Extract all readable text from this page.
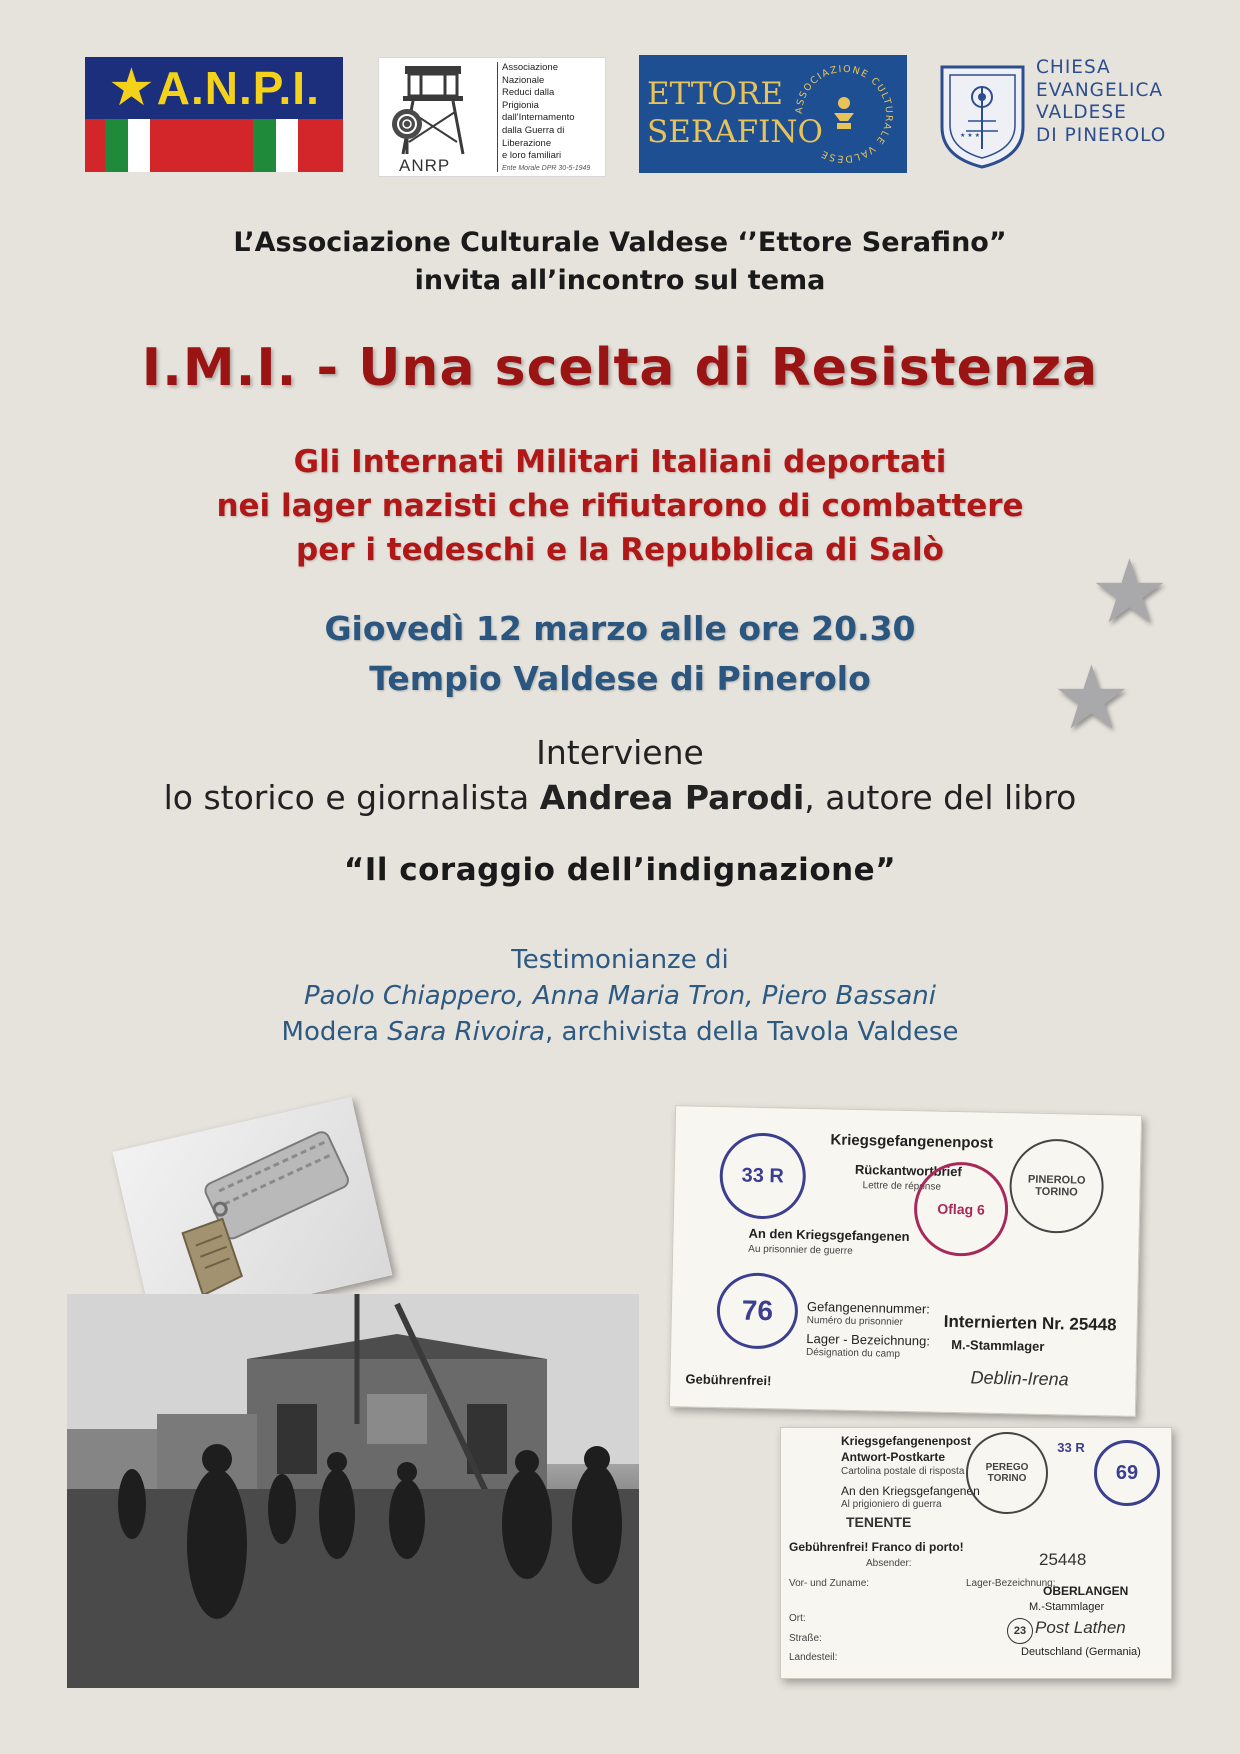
★ A.N.P.I.	Associazione
Nazionale
Reduci dalla
Prigionia
dall'Internamento
dalla Guerra di Liberazione
e loro familiari
Ente Morale DPR 30-5-1949
ANRP
ETTORE
SERAFINO
ASSOCIAZIONE CULTURALE VALDESE
★ ★ ★
CHIESA
EVANGELICA
VALDESE
DI PINEROLO
L’Associazione Culturale Valdese ‘’Ettore Serafino”
invita all’incontro sul tema
I.M.I. - Una scelta di Resistenza
Gli Internati Militari Italiani deportati
nei lager nazisti che rifiutarono di combattere
per i tedeschi e la Repubblica di Salò	★
★
Giovedì 12 marzo alle ore 20.30
Tempio Valdese di Pinerolo
Interviene
lo storico e giornalista Andrea Parodi, autore del libro
“Il coraggio dell’indignazione”
Testimonianze di
Paolo Chiappero, Anna Maria Tron, Piero Bassani
Modera Sara Rivoira, archivista della Tavola Valdese
Kriegsgefangenenpost
Rückantwortbrief
Lettre de réponse
An den Kriegsgefangenen
Au prisonnier de guerre
Gefangenennummer:
Numéro du prisonnier
Lager - Bezeichnung:
Désignation du camp
Gebührenfrei!
Internierten Nr. 25448
M.-Stammlager
Deblin-Irena
33 R
Oflag 6
PINEROLO TORINO
76
Kriegsgefangenenpost
Antwort-Postkarte
Cartolina postale di risposta
An den Kriegsgefangenen
Al prigioniero di guerra
TENENTE
Gebührenfrei! Franco di porto!
Absender:
Vor- und Zuname:
Ort:
Straße:
Landesteil:
25448
Lager-Bezeichnung:
OBERLANGEN
M.-Stammlager
Post Lathen
Deutschland (Germania)
23
33 R
69
PEREGO TORINO
